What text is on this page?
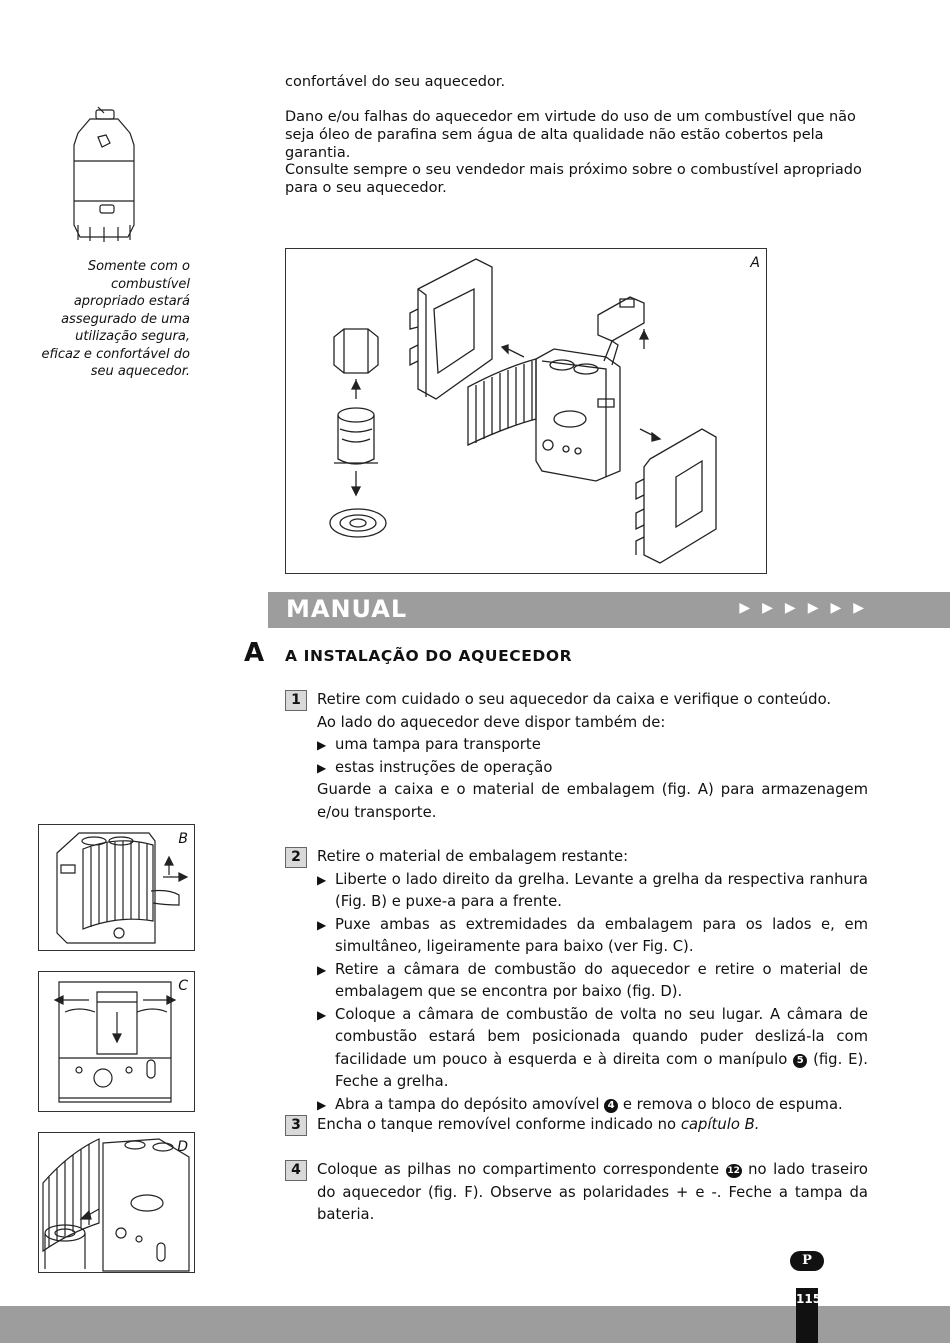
confortável do seu aquecedor.

Dano e/ou falhas do aquecedor em virtude do uso de um combustível que não seja óleo de parafina sem água de alta qualidade não estão cobertos pela garantia.

Consulte sempre o seu vendedor mais próximo sobre o combustível apropriado para o seu aquecedor.

Somente com o combustível apropriado estará assegurado de uma utilização segura, eficaz e confortável do seu aquecedor.
A
MANUAL	▶▶▶▶▶▶
A A INSTALAÇÃO DO AQUECEDOR
1	Retire com cuidado o seu aquecedor da caixa e verifique o conteúdo.

Ao lado do aquecedor deve dispor também de:

▶ uma tampa para transporte

▶ estas instruções de operação

Guarde a caixa e o material de embalagem (fig. A) para armazenagem e/ou transporte.

2	Retire o material de embalagem restante:

▶ Liberte o lado direito da grelha. Levante a grelha da respectiva ranhura (Fig. B) e puxe-a para a frente.

▶ Puxe ambas as extremidades da embalagem para os lados e, em simultâneo, ligeiramente para baixo (ver Fig. C).

▶ Retire a câmara de combustão do aquecedor e retire o material de embalagem que se encontra por baixo (fig. D).

▶ Coloque a câmara de combustão de volta no seu lugar. A câmara de combustão estará bem posicionada quando puder deslizá-la com facilidade um pouco à esquerda e à direita com o manípulo 5 (fig. E). Feche a grelha.

▶ Abra a tampa do depósito amovível 4 e remova o bloco de espuma.

3	Encha o tanque removível conforme indicado no capítulo B.

4	Coloque as pilhas no compartimento correspondente 12 no lado traseiro do aquecedor (fig. F). Observe as polaridades + e -. Feche a tampa da bateria.

B
C
D
P
115
